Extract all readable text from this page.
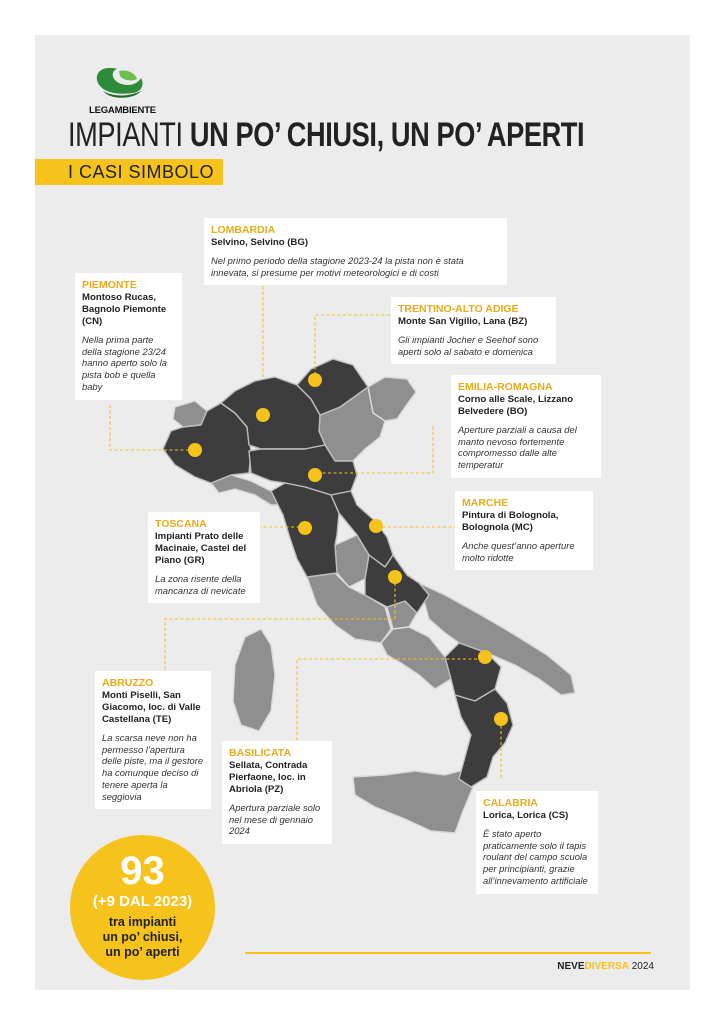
LEGAMBIENTE
IMPIANTI UN PO’ CHIUSI, UN PO’ APERTI
I CASI SIMBOLO
LOMBARDIA
Selvino, Selvino (BG)
Nel primo periodo della stagione 2023-24 la pista non è stata innevata, si presume per motivi meteorologici e di costi
PIEMONTE
Montoso Rucas, Bagnolo Piemonte (CN)
Nella prima parte della stagione 23/24 hanno aperto solo la pista bob e quella baby
TRENTINO-ALTO ADIGE
Monte San Vigilio, Lana (BZ)
Gli impianti Jocher e Seehof sono aperti solo al sabato e domenica
EMILIA-ROMAGNA
Corno alle Scale, Lizzano Belvedere (BO)
Aperture parziali a causa del manto nevoso fortemente compromesso dalle alte temperatur
MARCHE
Pintura di Bolognola, Bolognola (MC)
Anche quest’anno aperture molto ridotte
TOSCANA
Impianti Prato delle Macinaie, Castel del Piano (GR)
La zona risente della mancanza di nevicate
ABRUZZO
Monti Piselli, San Giacomo, loc. di Valle Castellana (TE)
La scarsa neve non ha permesso l’apertura delle piste, ma il gestore ha comunque deciso di tenere aperta la seggiovia
BASILICATA
Sellata, Contrada Pierfaone, loc. in Abriola (PZ)
Apertura parziale solo nel mese di gennaio 2024
CALABRIA
Lorica, Lorica (CS)
È stato aperto praticamente solo il tapis roulant del campo scuola per principianti, grazie all’innevamento artificiale
93
(+9 DAL 2023)
tra impianti un po’ chiusi, un po’ aperti
NEVEDIVERSA 2024
